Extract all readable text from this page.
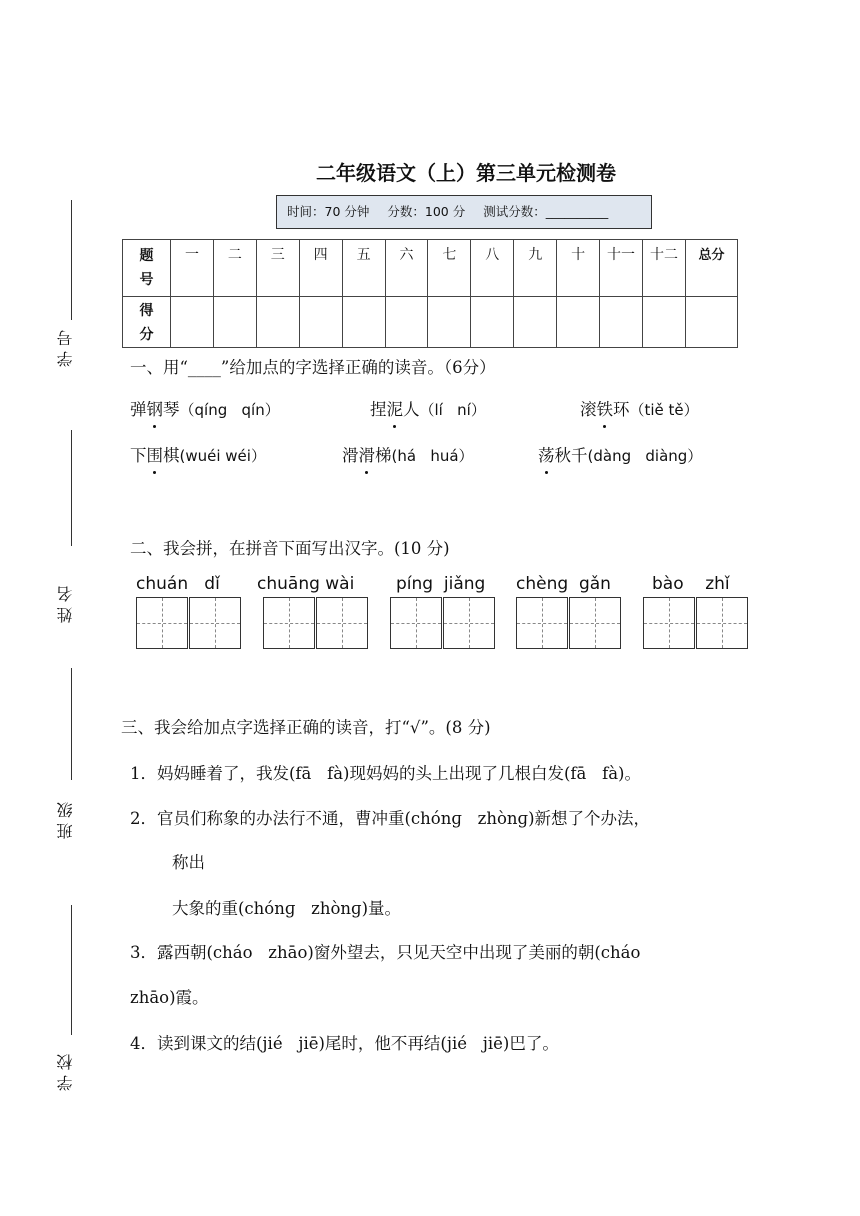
学 号
姓 名
班 级
学 校
二年级语文（上）第三单元检测卷
时间：70 分钟 分数：100 分 测试分数：__________
题号	一	二	三	四	五	六	七	八	九	十	十一	十二	总分

得分													

一、用“____”给加点的字选择正确的读音。（6分）
弹钢琴（qíng   qín）	捏泥人（lí   ní）	滚铁环（tiě tě）
下围棋(wuéi wéi）	滑滑梯(há   huá）	荡秋千(dàng   diàng）
二、我会拼，在拼音下面写出汉字。(10 分)
chuán   dǐ chuāng wài píng  jiǎng chèng  gǎn bào    zhǐ
三、我会给加点字选择正确的读音，打“√”。(8 分)
1．妈妈睡着了，我发(fā   fà)现妈妈的头上出现了几根白发(fā   fà)。
2．官员们称象的办法行不通，曹冲重(chónɡ   zhònɡ)新想了个办法，
称出
大象的重(chónɡ   zhònɡ)量。
3．露西朝(cháo   zhāo)窗外望去，只见天空中出现了美丽的朝(cháo
zhāo)霞。
4．读到课文的结(jié   jiē)尾时，他不再结(jié   jiē)巴了。
